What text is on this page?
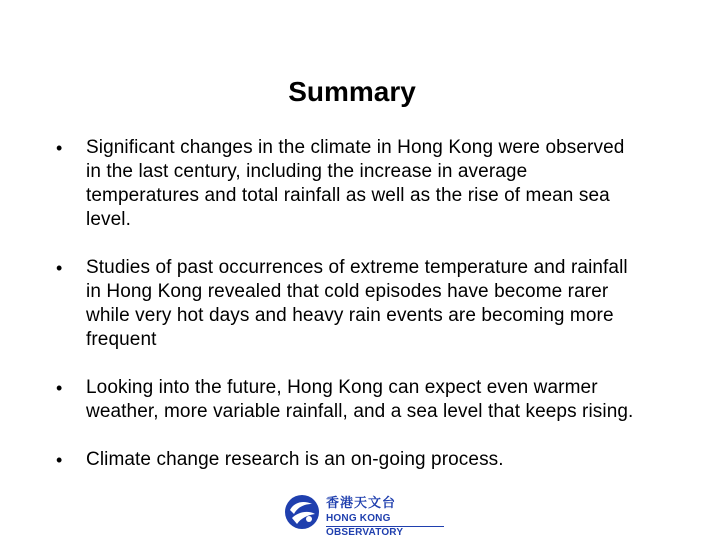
Summary
• Significant changes in the climate in Hong Kong were observed
in the last century, including the increase in average
temperatures and total rainfall as well as the rise of mean sea
level.
• Studies of past occurrences of extreme temperature and rainfall
in Hong Kong revealed that cold episodes have become rarer
while very hot days and heavy rain events are becoming more
frequent
• Looking into the future, Hong Kong can expect even warmer
weather, more variable rainfall, and a sea level that keeps rising.
• Climate change research is an on-going process.
香港天文台
HONG KONG OBSERVATORY
